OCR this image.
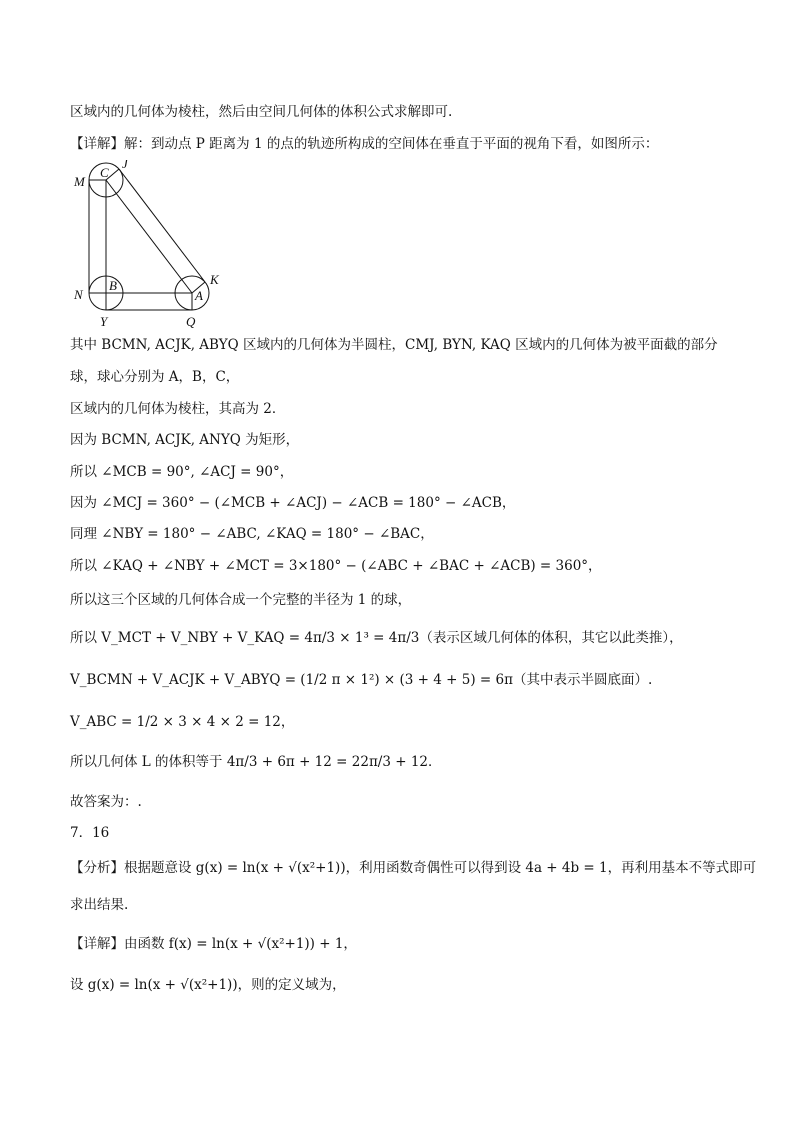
区域内的几何体为棱柱，然后由空间几何体的体积公式求解即可.
【详解】解：到动点 P 距离为 1 的点的轨迹所构成的空间体在垂直于平面的视角下看，如图所示：
M
C
J
K
N
B
A
Y	Q
其中 BCMN, ACJK, ABYQ 区域内的几何体为半圆柱，CMJ, BYN, KAQ 区域内的几何体为被平面截的部分
球，球心分别为 A，B，C，
区域内的几何体为棱柱，其高为 2．
因为 BCMN, ACJK, ANYQ 为矩形，
所以 ∠MCB = 90°, ∠ACJ = 90°，
因为 ∠MCJ = 360° − (∠MCB + ∠ACJ) − ∠ACB = 180° − ∠ACB，
同理 ∠NBY = 180° − ∠ABC, ∠KAQ = 180° − ∠BAC，
所以 ∠KAQ + ∠NBY + ∠MCT = 3×180° − (∠ABC + ∠BAC + ∠ACB) = 360°，
所以这三个区域的几何体合成一个完整的半径为 1 的球，
所以 V_MCT + V_NBY + V_KAQ = 4π/3 × 1³ = 4π/3（表示区域几何体的体积，其它以此类推），
V_BCMN + V_ACJK + V_ABYQ = (1/2 π × 1²) × (3 + 4 + 5) = 6π（其中表示半圆底面）.
V_ABC = 1/2 × 3 × 4 × 2 = 12，
所以几何体 L 的体积等于 4π/3 + 6π + 12 = 22π/3 + 12．
故答案为：.
7．16
【分析】根据题意设 g(x) = ln(x + √(x²+1))，利用函数奇偶性可以得到设 4a + 4b = 1，再利用基本不等式即可
求出结果.
【详解】由函数 f(x) = ln(x + √(x²+1)) + 1，
设 g(x) = ln(x + √(x²+1))，则的定义域为，
